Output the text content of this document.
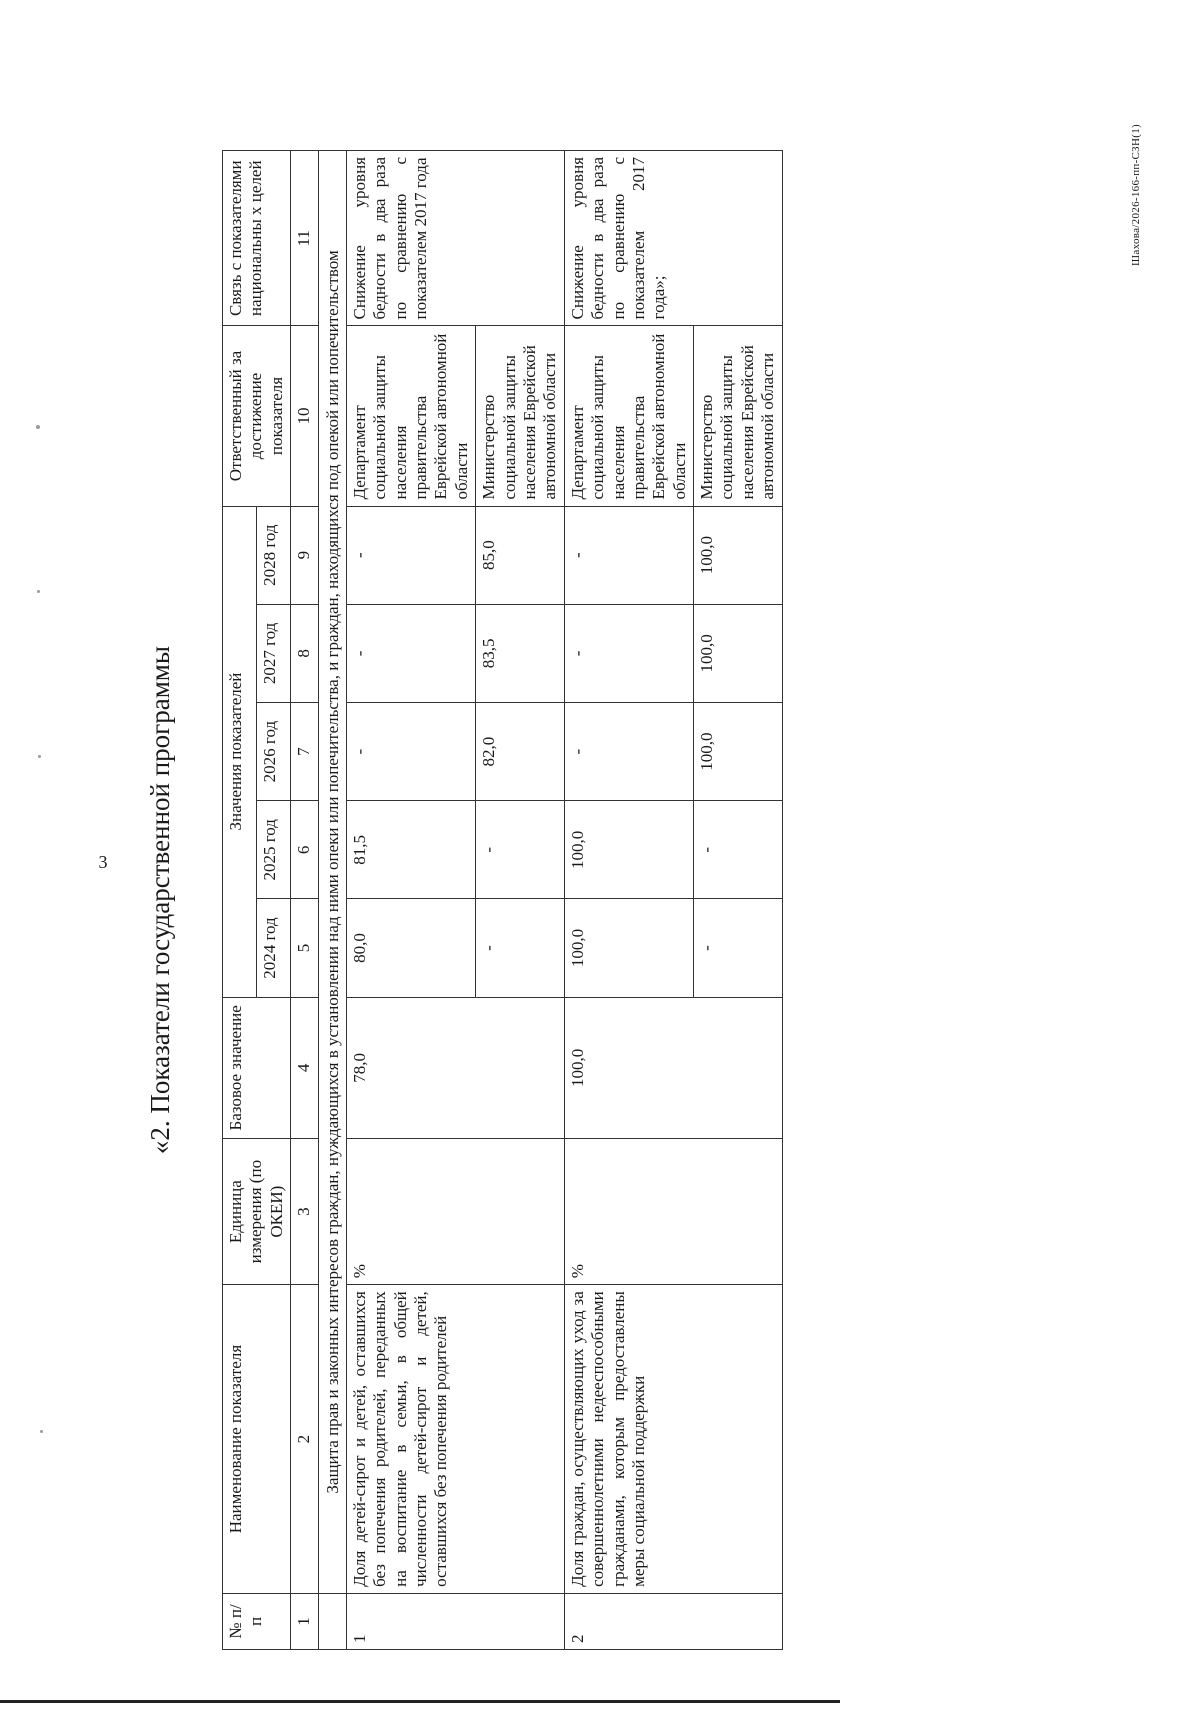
3
Шахова/2026-166-пп-СЗН(1)
«2. Показатели государственной программы
№ п/п	Наименование показателя	Единица измерения (по ОКЕИ)	Базовое значение	Значения показателей					Ответственный за достижение показателя	Связь с показателями национальны х целей
				2024 год	2025 год	2026 год	2027 год	2028 год		
1	2	3	4	5	6	7	8	9	10	11
	Защита прав и законных интересов граждан, нуждающихся в установлении над ними опеки или попечительства, и граждан, находящихся под опекой или попечительством									
1	Доля детей-сирот и детей, оставшихся без попечения родителей, переданных на воспитание в семьи, в общей численности детей-сирот и детей, оставшихся без попечения родителей	%	78,0	80,0	81,5	-	-	-	Департамент социальной защиты населения правительства Еврейской автономной области	Снижение уровня бедности в два раза по сравнению с показателем 2017 года
				-	-	82,0	83,5	85,0	Министерство социальной защиты населения Еврейской автономной области	
2	Доля граждан, осуществляющих уход за совершеннолетними недееспособными гражданами, которым предоставлены меры социальной поддержки	%	100,0	100,0	100,0	-	-	-	Департамент социальной защиты населения правительства Еврейской автономной области	Снижение уровня бедности в два раза по сравнению с показателем 2017 года»;
				-	-	100,0	100,0	100,0	Министерство социальной защиты населения Еврейской автономной области	
